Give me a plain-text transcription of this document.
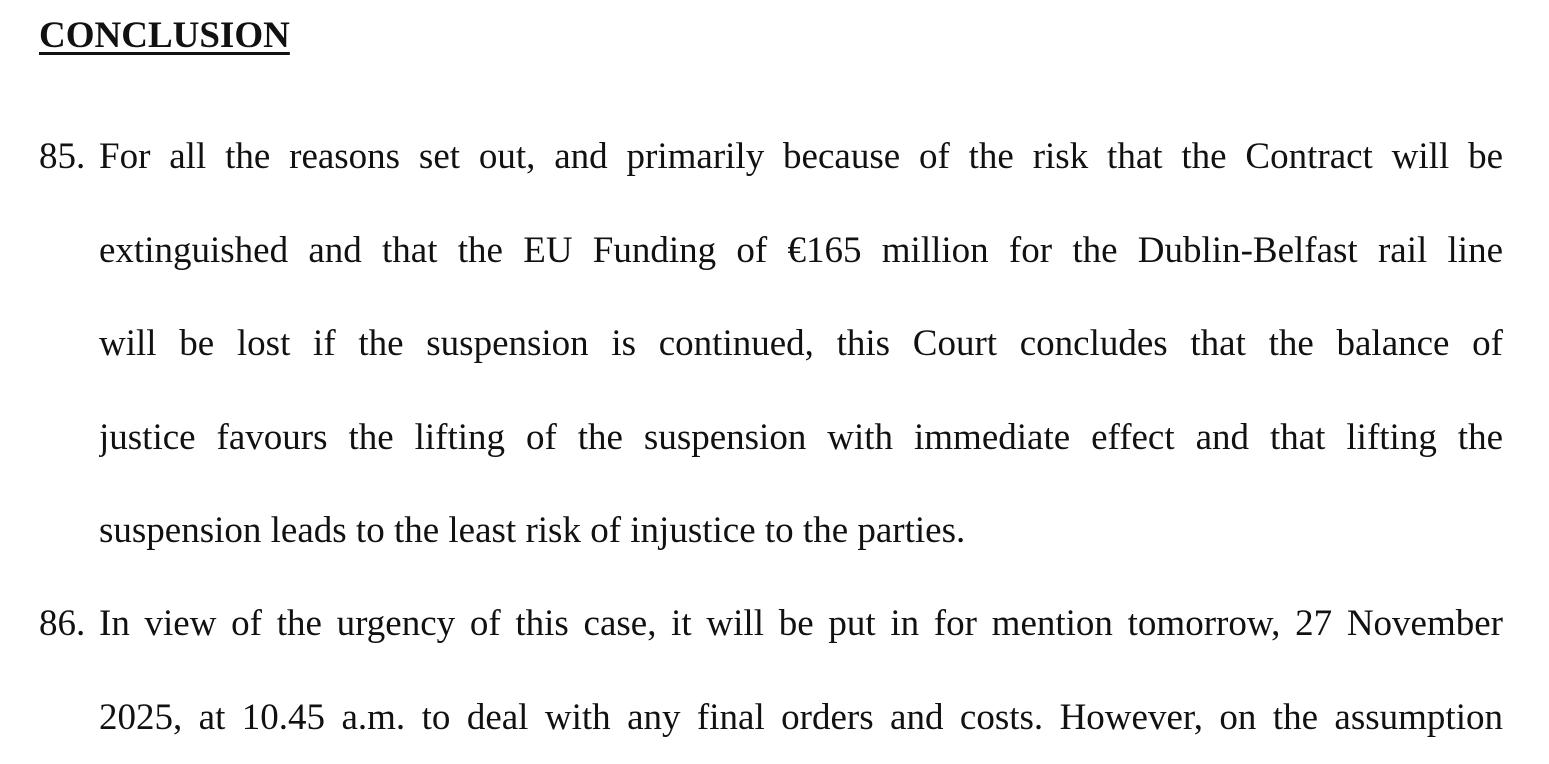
CONCLUSION
85. For all the reasons set out, and primarily because of the risk that the Contract will be
extinguished and that the EU Funding of €165 million for the Dublin-Belfast rail line
will be lost if the suspension is continued, this Court concludes that the balance of
justice favours the lifting of the suspension with immediate effect and that lifting the
suspension leads to the least risk of injustice to the parties.
86. In view of the urgency of this case, it will be put in for mention tomorrow, 27 November
2025, at 10.45 a.m. to deal with any final orders and costs. However, on the assumption
